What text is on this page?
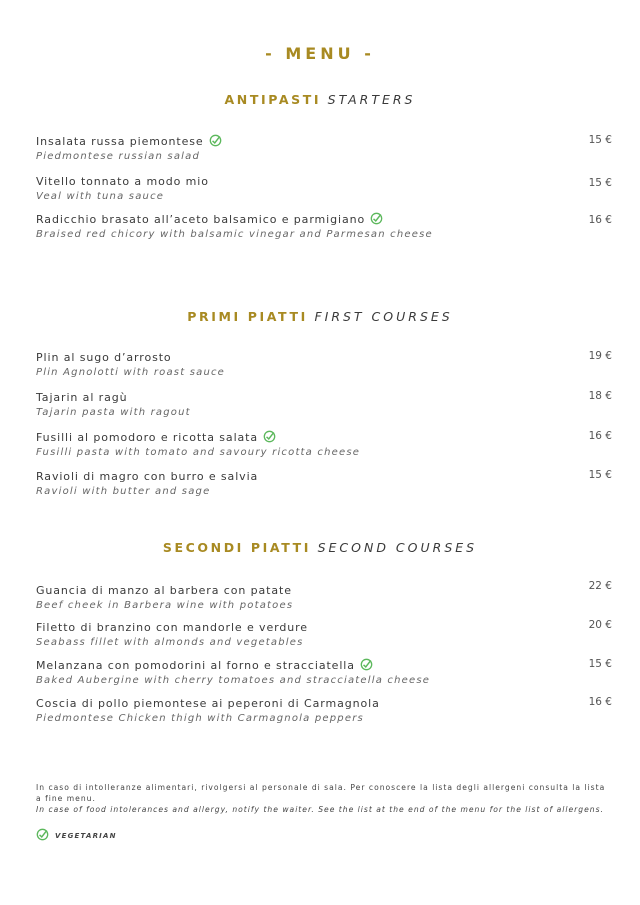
- MENU -
ANTIPASTI STARTERS
Insalata russa piemontese
Piedmontese russian salad
15 €
Vitello tonnato a modo mio
Veal with tuna sauce
15 €
Radicchio brasato all’aceto balsamico e parmigiano
Braised red chicory with balsamic vinegar and Parmesan cheese
16 €
PRIMI PIATTI FIRST COURSES
Plin al sugo d’arrosto
Plin Agnolotti with roast sauce
19 €
Tajarin al ragù
Tajarin pasta with ragout
18 €
Fusilli al pomodoro e ricotta salata
Fusilli pasta with tomato and savoury ricotta cheese
16 €
Ravioli di magro con burro e salvia
Ravioli with butter and sage
15 €
SECONDI PIATTI SECOND COURSES
Guancia di manzo al barbera con patate
Beef cheek in Barbera wine with potatoes
22 €
Filetto di branzino con mandorle e verdure
Seabass fillet with almonds and vegetables
20 €
Melanzana con pomodorini al forno e stracciatella
Baked Aubergine with cherry tomatoes and stracciatella cheese
15 €
Coscia di pollo piemontese ai peperoni di Carmagnola
Piedmontese Chicken thigh with Carmagnola peppers
16 €
In caso di intolleranze alimentari, rivolgersi al personale di sala. Per conoscere la lista degli allergeni consulta la lista a fine menu.
In case of food intolerances and allergy, notify the waiter. See the list at the end of the menu for the list of allergens.
VEGETARIAN
